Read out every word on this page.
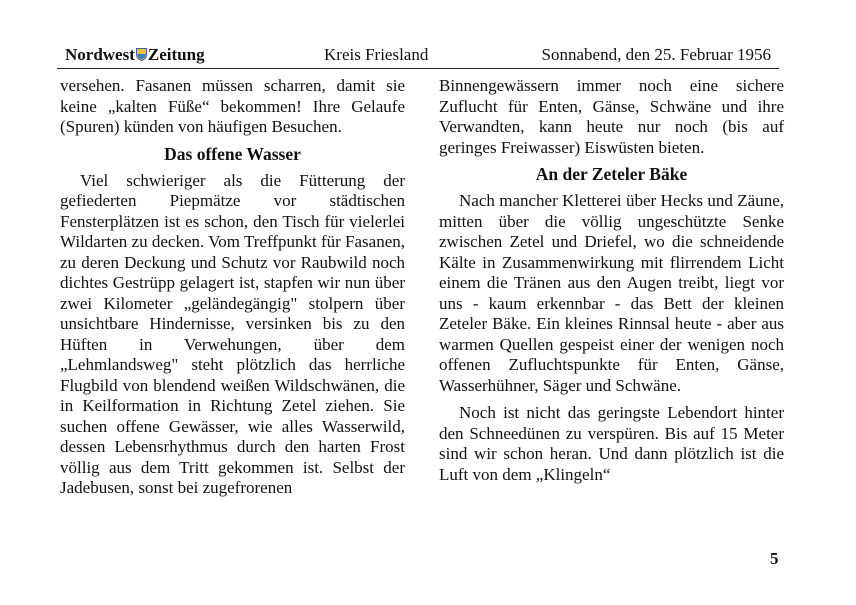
Nordwest Zeitung	Kreis Friesland	Sonnabend, den 25. Februar 1956

versehen. Fasanen müssen scharren, damit sie keine „kalten Füße“ bekommen! Ihre Gelaufe (Spuren) künden von häufigen Besuchen.

Das offene Wasser

Viel schwieriger als die Fütterung der gefiederten Piepmätze vor städtischen Fensterplätzen ist es schon, den Tisch für vielerlei Wildarten zu decken. Vom Treffpunkt für Fasanen, zu deren Deckung und Schutz vor Raubwild noch dichtes Gestrüpp gelagert ist, stapfen wir nun über zwei Kilometer „geländegängig" stolpern über unsichtbare Hindernisse, versinken bis zu den Hüften in Verwehungen, über dem „Lehmlandsweg" steht plötzlich das herrliche Flugbild von blendend weißen Wildschwänen, die in Keilformation in Richtung Zetel ziehen. Sie suchen offene Gewässer, wie alles Wasserwild, dessen Lebensrhythmus durch den harten Frost völlig aus dem Tritt gekommen ist. Selbst der Jadebusen, sonst bei zugefrorenen

Binnengewässern immer noch eine sichere Zuflucht für Enten, Gänse, Schwäne und ihre Verwandten, kann heute nur noch (bis auf geringes Freiwasser) Eiswüsten bieten.

An der Zeteler Bäke

Nach mancher Kletterei über Hecks und Zäune, mitten über die völlig ungeschützte Senke zwischen Zetel und Driefel, wo die schneidende Kälte in Zusammenwirkung mit flirrendem Licht einem die Tränen aus den Augen treibt, liegt vor uns - kaum erkennbar - das Bett der kleinen Zeteler Bäke. Ein kleines Rinnsal heute - aber aus warmen Quellen gespeist einer der wenigen noch offenen Zufluchtspunkte für Enten, Gänse, Wasserhühner, Säger und Schwäne.

Noch ist nicht das geringste Lebendort hinter den Schneedünen zu verspüren. Bis auf 15 Meter sind wir schon heran. Und dann plötzlich ist die Luft von dem „Klingeln“

5
